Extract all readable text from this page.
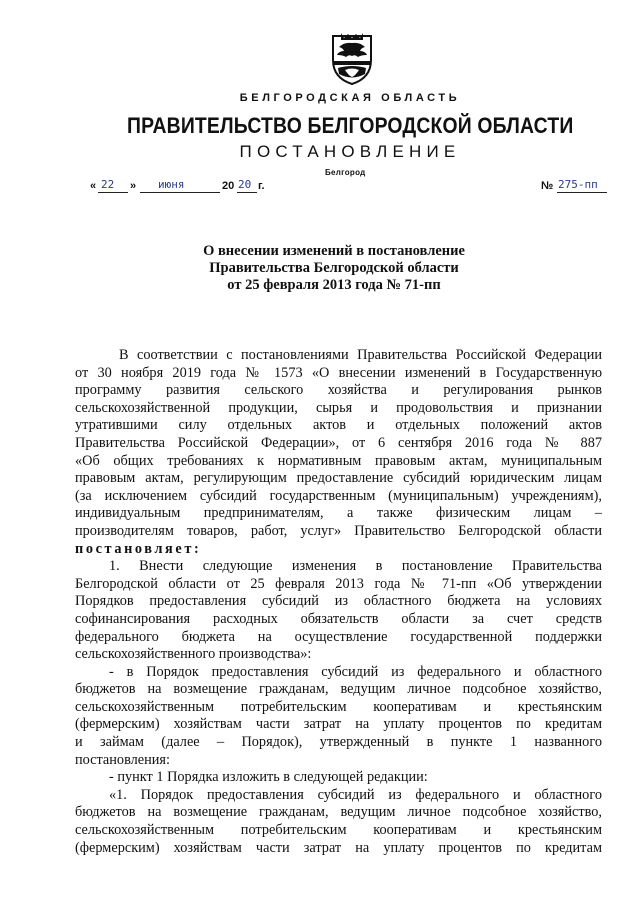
БЕЛГОРОДСКАЯ ОБЛАСТЬ
ПРАВИТЕЛЬСТВО БЕЛГОРОДСКОЙ ОБЛАСТИ
ПОСТАНОВЛЕНИЕ
Белгород
« 22 » июня	20 20 г.	№ 275-пп
О внесении изменений в постановление
Правительства Белгородской области
от 25 февраля 2013 года № 71-пп
В соответствии с постановлениями Правительства Российской Федерации
от 30 ноября 2019 года № 1573 «О внесении изменений в Государственную
программу развития сельского хозяйства и регулирования рынков
сельскохозяйственной продукции, сырья и продовольствия и признании
утратившими силу отдельных актов и отдельных положений актов
Правительства Российской Федерации», от 6 сентября 2016 года № 887
«Об общих требованиях к нормативным правовым актам, муниципальным
правовым актам, регулирующим предоставление субсидий юридическим лицам
(за исключением субсидий государственным (муниципальным) учреждениям),
индивидуальным предпринимателям, а также физическим лицам –
производителям товаров, работ, услуг» Правительство Белгородской области
постановляет:
1. Внести следующие изменения в постановление Правительства
Белгородской области от 25 февраля 2013 года № 71-пп «Об утверждении
Порядков предоставления субсидий из областного бюджета на условиях
софинансирования расходных обязательств области за счет средств
федерального бюджета на осуществление государственной поддержки
сельскохозяйственного производства»:
- в Порядок предоставления субсидий из федерального и областного
бюджетов на возмещение гражданам, ведущим личное подсобное хозяйство,
сельскохозяйственным потребительским кооперативам и крестьянским
(фермерским) хозяйствам части затрат на уплату процентов по кредитам
и займам (далее – Порядок), утвержденный в пункте 1 названного
постановления:
- пункт 1 Порядка изложить в следующей редакции:
«1. Порядок предоставления субсидий из федерального и областного
бюджетов на возмещение гражданам, ведущим личное подсобное хозяйство,
сельскохозяйственным потребительским кооперативам и крестьянским
(фермерским) хозяйствам части затрат на уплату процентов по кредитам
